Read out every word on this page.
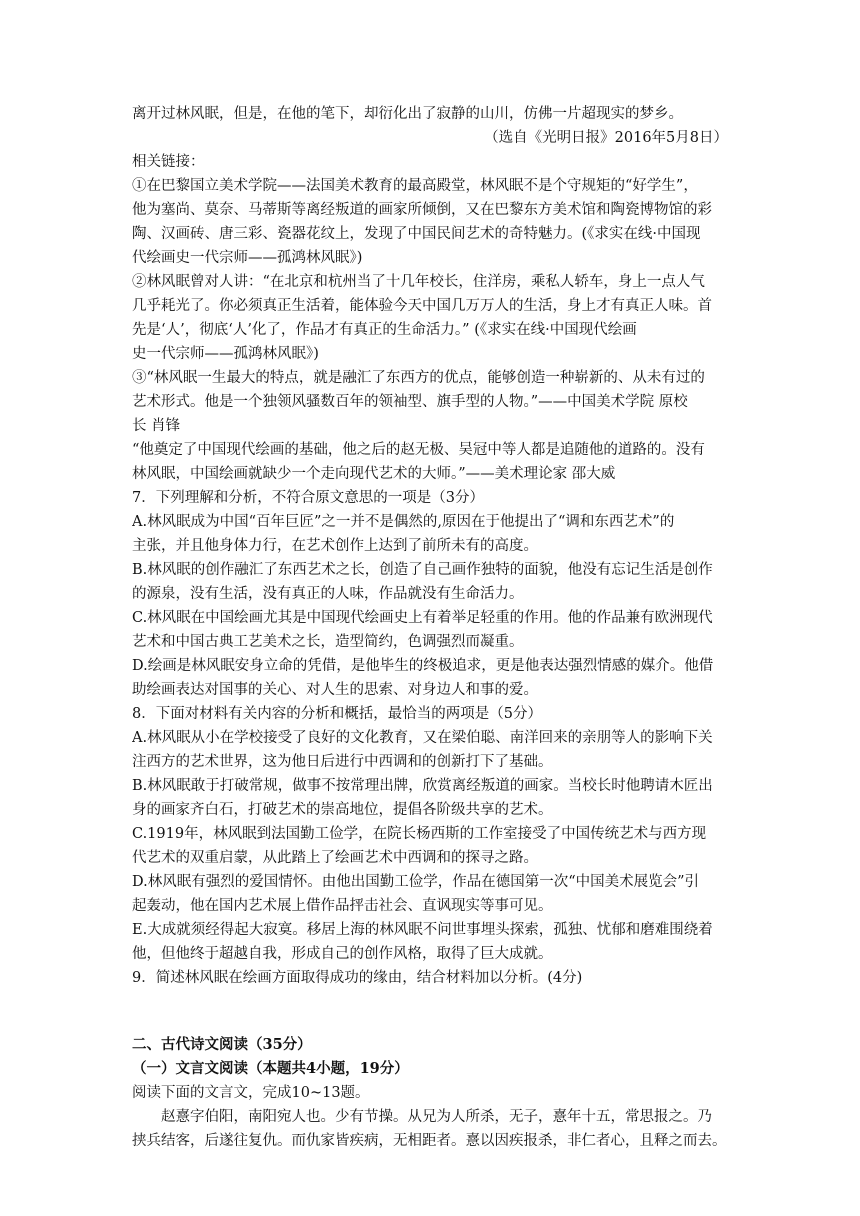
离开过林风眠，但是，在他的笔下，却衍化出了寂静的山川，仿佛一片超现实的梦乡。
（选自《光明日报》2016年5月8日）
相关链接：
①在巴黎国立美术学院——法国美术教育的最高殿堂，林风眠不是个守规矩的“好学生”，
他为塞尚、莫奈、马蒂斯等离经叛道的画家所倾倒，又在巴黎东方美术馆和陶瓷博物馆的彩
陶、汉画砖、唐三彩、瓷器花纹上，发现了中国民间艺术的奇特魅力。(《求实在线·中国现
代绘画史一代宗师——孤鸿林风眠》)
②林风眠曾对人讲：“在北京和杭州当了十几年校长，住洋房，乘私人轿车，身上一点人气
几乎耗光了。你必须真正生活着，能体验今天中国几万万人的生活，身上才有真正人味。首
先是‘人’，彻底‘人’化了，作品才有真正的生命活力。” (《求实在线·中国现代绘画
史一代宗师——孤鸿林风眠》)
③“林风眠一生最大的特点，就是融汇了东西方的优点，能够创造一种崭新的、从未有过的
艺术形式。他是一个独领风骚数百年的领袖型、旗手型的人物。”——中国美术学院 原校
长 肖锋
“他奠定了中国现代绘画的基础，他之后的赵无极、吴冠中等人都是追随他的道路的。没有
林风眠，中国绘画就缺少一个走向现代艺术的大师。”——美术理论家 邵大威
7．下列理解和分析，不符合原文意思的一项是（3分）
A.林风眠成为中国“百年巨匠”之一并不是偶然的,原因在于他提出了“调和东西艺术”的
主张，并且他身体力行，在艺术创作上达到了前所未有的高度。
B.林风眠的创作融汇了东西艺术之长，创造了自己画作独特的面貌，他没有忘记生活是创作
的源泉，没有生活，没有真正的人味，作品就没有生命活力。
C.林风眠在中国绘画尤其是中国现代绘画史上有着举足轻重的作用。他的作品兼有欧洲现代
艺术和中国古典工艺美术之长，造型简约，色调强烈而凝重。
D.绘画是林风眠安身立命的凭借，是他毕生的终极追求，更是他表达强烈情感的媒介。他借
助绘画表达对国事的关心、对人生的思索、对身边人和事的爱。
8．下面对材料有关内容的分析和概括，最恰当的两项是（5分）
A.林风眠从小在学校接受了良好的文化教育，又在梁伯聪、南洋回来的亲朋等人的影响下关
注西方的艺术世界，这为他日后进行中西调和的创新打下了基础。
B.林风眠敢于打破常规，做事不按常理出牌，欣赏离经叛道的画家。当校长时他聘请木匠出
身的画家齐白石，打破艺术的崇高地位，提倡各阶级共享的艺术。
C.1919年，林风眠到法国勤工俭学，在院长杨西斯的工作室接受了中国传统艺术与西方现
代艺术的双重启蒙，从此踏上了绘画艺术中西调和的探寻之路。
D.林风眠有强烈的爱国情怀。由他出国勤工俭学，作品在德国第一次“中国美术展览会”引
起轰动，他在国内艺术展上借作品抨击社会、直讽现实等事可见。
E.大成就须经得起大寂寞。移居上海的林风眠不问世事埋头探索，孤独、忧郁和磨难围绕着
他，但他终于超越自我，形成自己的创作风格，取得了巨大成就。
9．简述林风眠在绘画方面取得成功的缘由，结合材料加以分析。(4分)
二、古代诗文阅读（35分）
（一）文言文阅读（本题共4小题，19分）
阅读下面的文言文，完成10~13题。
　　赵憙字伯阳，南阳宛人也。少有节操。从兄为人所杀，无子，憙年十五，常思报之。乃
挟兵结客，后遂往复仇。而仇家皆疾病，无相距者。憙以因疾报杀，非仁者心，且释之而去。
